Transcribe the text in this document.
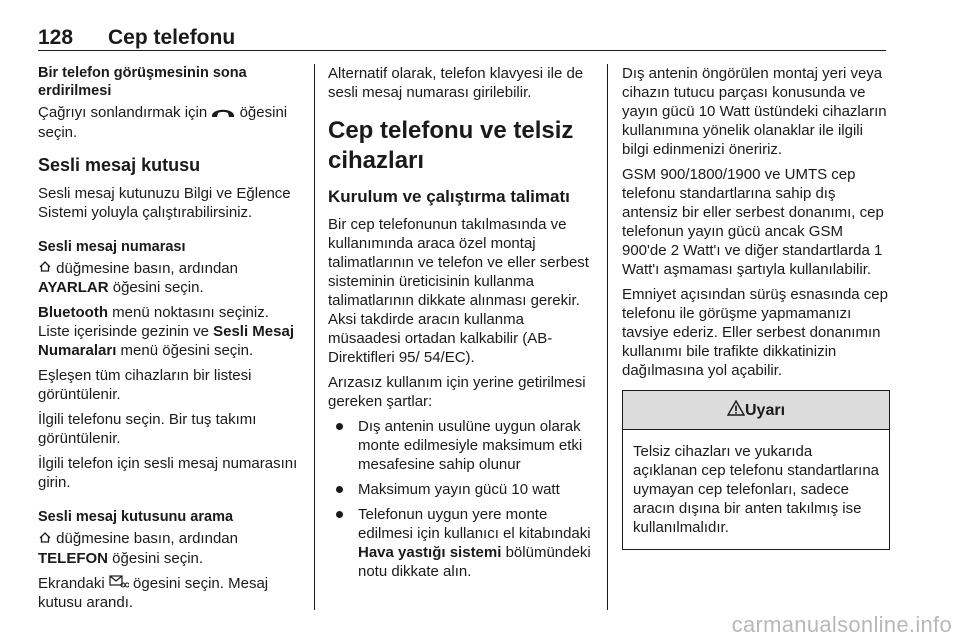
128 Cep telefonu
Bir telefon görüşmesinin sona erdirilmesi

Çağrıyı sonlandırmak için öğesini seçin.

Sesli mesaj kutusu

Sesli mesaj kutunuzu Bilgi ve Eğlence Sistemi yoluyla çalıştırabilirsiniz.

Sesli mesaj numarası

düğmesine basın, ardından AYARLAR öğesini seçin.

Bluetooth menü noktasını seçiniz. Liste içerisinde gezinin ve Sesli Mesaj Numaraları menü öğesini seçin.

Eşleşen tüm cihazların bir listesi görüntülenir.

İlgili telefonu seçin. Bir tuş takımı görüntülenir.

İlgili telefon için sesli mesaj numarasını girin.

Sesli mesaj kutusunu arama

düğmesine basın, ardından TELEFON öğesini seçin.

Ekrandaki ögesini seçin. Mesaj kutusu arandı.

Alternatif olarak, telefon klavyesi ile de sesli mesaj numarası girilebilir.

Cep telefonu ve telsiz cihazları
Kurulum ve çalıştırma talimatı

Bir cep telefonunun takılmasında ve kullanımında araca özel montaj talimatlarının ve telefon ve eller serbest sisteminin üreticisinin kullanma talimatlarının dikkate alınması gerekir. Aksi takdirde aracın kullanma müsaadesi ortadan kalkabilir (AB-Direktifleri 95/ 54/EC).

Arızasız kullanım için yerine getirilmesi gereken şartlar:

Dış antenin usulüne uygun olarak monte edilmesiyle maksimum etki mesafesine sahip olunur
Maksimum yayın gücü 10 watt
Telefonun uygun yere monte edilmesi için kullanıcı el kitabındaki Hava yastığı sistemi bölümündeki notu dikkate alın.

Dış antenin öngörülen montaj yeri veya cihazın tutucu parçası konusunda ve yayın gücü 10 Watt üstündeki cihazların kullanımına yönelik olanaklar ile ilgili bilgi edinmenizi öneririz.

GSM 900/1800/1900 ve UMTS cep telefonu standartlarına sahip dış antensiz bir eller serbest donanımı, cep telefonun yayın gücü ancak GSM 900'de 2 Watt'ı ve diğer standartlarda 1 Watt'ı aşmaması şartıyla kullanılabilir.

Emniyet açısından sürüş esnasında cep telefonu ile görüşme yapmamanızı tavsiye ederiz. Eller serbest donanımın kullanımı bile trafikte dikkatinizin dağılmasına yol açabilir.

Uyarı
Telsiz cihazları ve yukarıda açıklanan cep telefonu standartlarına uymayan cep telefonları, sadece aracın dışına bir anten takılmış ise kullanılmalıdır.
carmanualsonline.info
